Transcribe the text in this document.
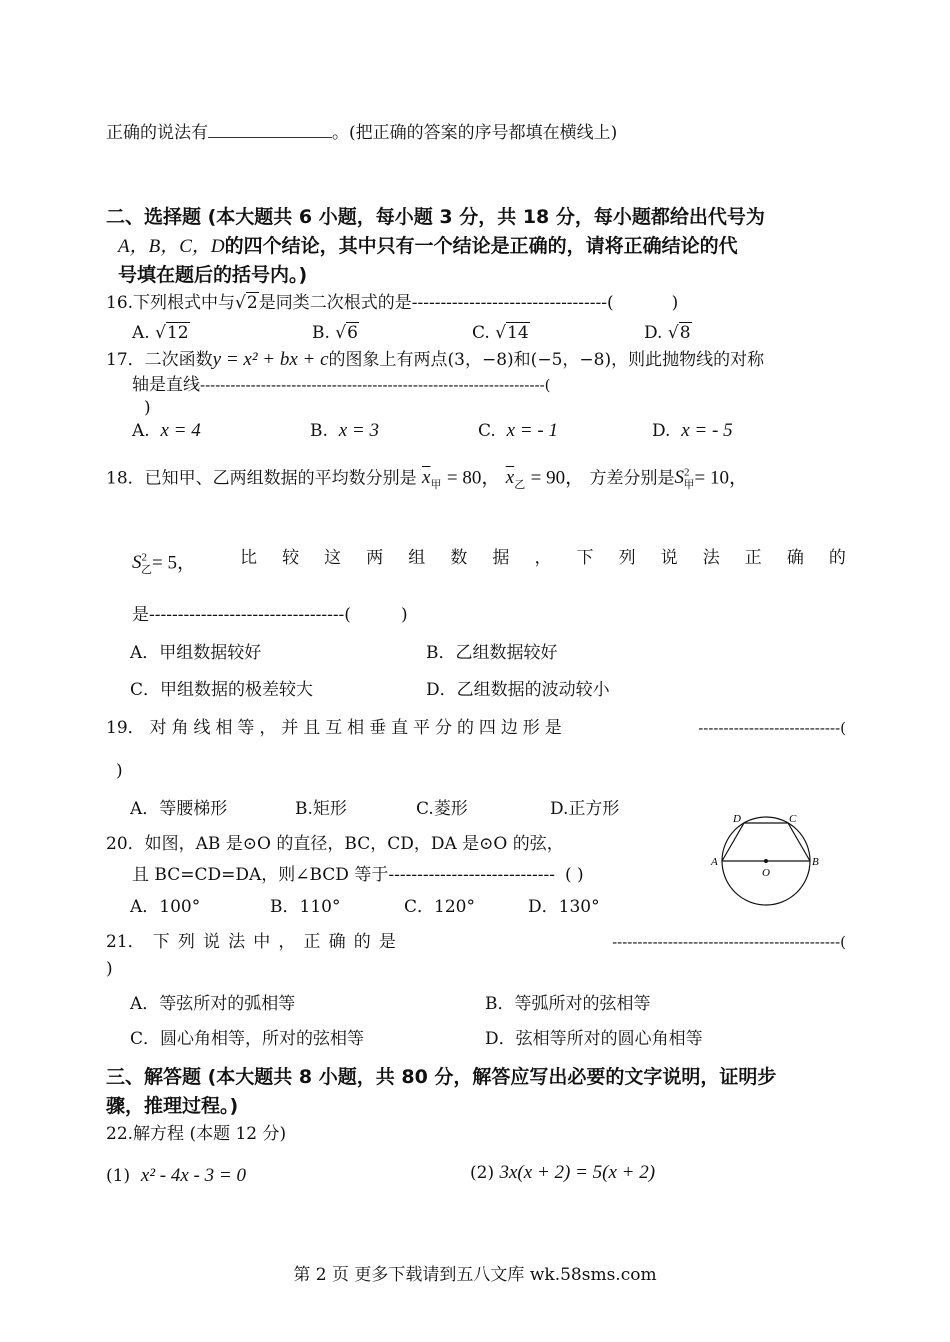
正确的说法有	。(把正确的答案的序号都填在横线上)
二、选择题 (本大题共 6 小题，每小题 3 分，共 18 分，每小题都给出代号为
A，B，C，D的四个结论，其中只有一个结论是正确的，请将正确结论的代
号填在题后的括号内。)
16.下列根式中与√2是同类二次根式的是----------------------------------(	)
A. √12	B. √6	C. √14	D. √8
17．二次函数y = x² + bx + c的图象上有两点(3，−8)和(−5，−8)，则此抛物线的对称
轴是直线--------------------------------------------------------------------(
)
A. x = 4	B. x = 3	C. x = - 1	D. x = - 5
18．已知甲、乙两组数据的平均数分别是 $\overline{x}_甲 = 80$， $\overline{x}_乙 = 90$， 方差分别是$S^2_甲= 10$，
$S^2_乙= 5$，	比 较 这 两 组 数 据 ， 下 列 说 法 正 确 的
是----------------------------------(	)
A．甲组数据较好	B．乙组数据较好
C．甲组数据的极差较大	D．乙组数据的波动较小
19． 对 角 线 相 等 ， 并 且 互 相 垂 直 平 分 的 四 边 形 是	----------------------------(
)
A．等腰梯形	B.矩形	C.菱形	D.正方形
20．如图，AB 是⊙O 的直径，BC，CD，DA 是⊙O 的弦，
且 BC=CD=DA，则∠BCD 等于----------------------------- ( )
A．100°	B．110°	C．120°	D．130°
A	B
D	C
O
21． 下 列 说 法 中 ， 正 确 的 是	---------------------------------------------(
)
A．等弦所对的弧相等	B．等弧所对的弦相等
C．圆心角相等，所对的弦相等	D．弦相等所对的圆心角相等
三、解答题 (本大题共 8 小题，共 80 分，解答应写出必要的文字说明，证明步
骤，推理过程。)
22.解方程 (本题 12 分)
(1) x² - 4x - 3 = 0	(2) 3x(x + 2) = 5(x + 2)
第 2 页 更多下载请到五八文库 wk.58sms.com
